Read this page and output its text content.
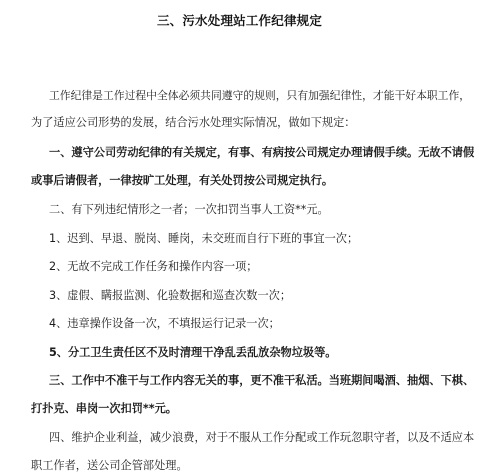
三、污水处理站工作纪律规定
工作纪律是工作过程中全体必须共同遵守的规则，只有加强纪律性，才能干好本职工作，
为了适应公司形势的发展，结合污水处理实际情况，做如下规定：
一、遵守公司劳动纪律的有关规定，有事、有病按公司规定办理请假手续。无故不请假
或事后请假者，一律按旷工处理，有关处罚按公司规定执行。
二、有下列违纪情形之一者；一次扣罚当事人工资**元。
1、迟到、早退、脱岗、睡岗，未交班而自行下班的事宜一次；
2、无故不完成工作任务和操作内容一项；
3、虚假、瞒报监测、化验数据和巡查次数一次；
4、违章操作设备一次，不填报运行记录一次；
5、分工卫生责任区不及时清理干净乱丢乱放杂物垃圾等。
三、工作中不准干与工作内容无关的事，更不准干私活。当班期间喝酒、抽烟、下棋、
打扑克、串岗一次扣罚**元。
四、维护企业利益，减少浪费，对于不服从工作分配或工作玩忽职守者，以及不适应本
职工作者，送公司企管部处理。
